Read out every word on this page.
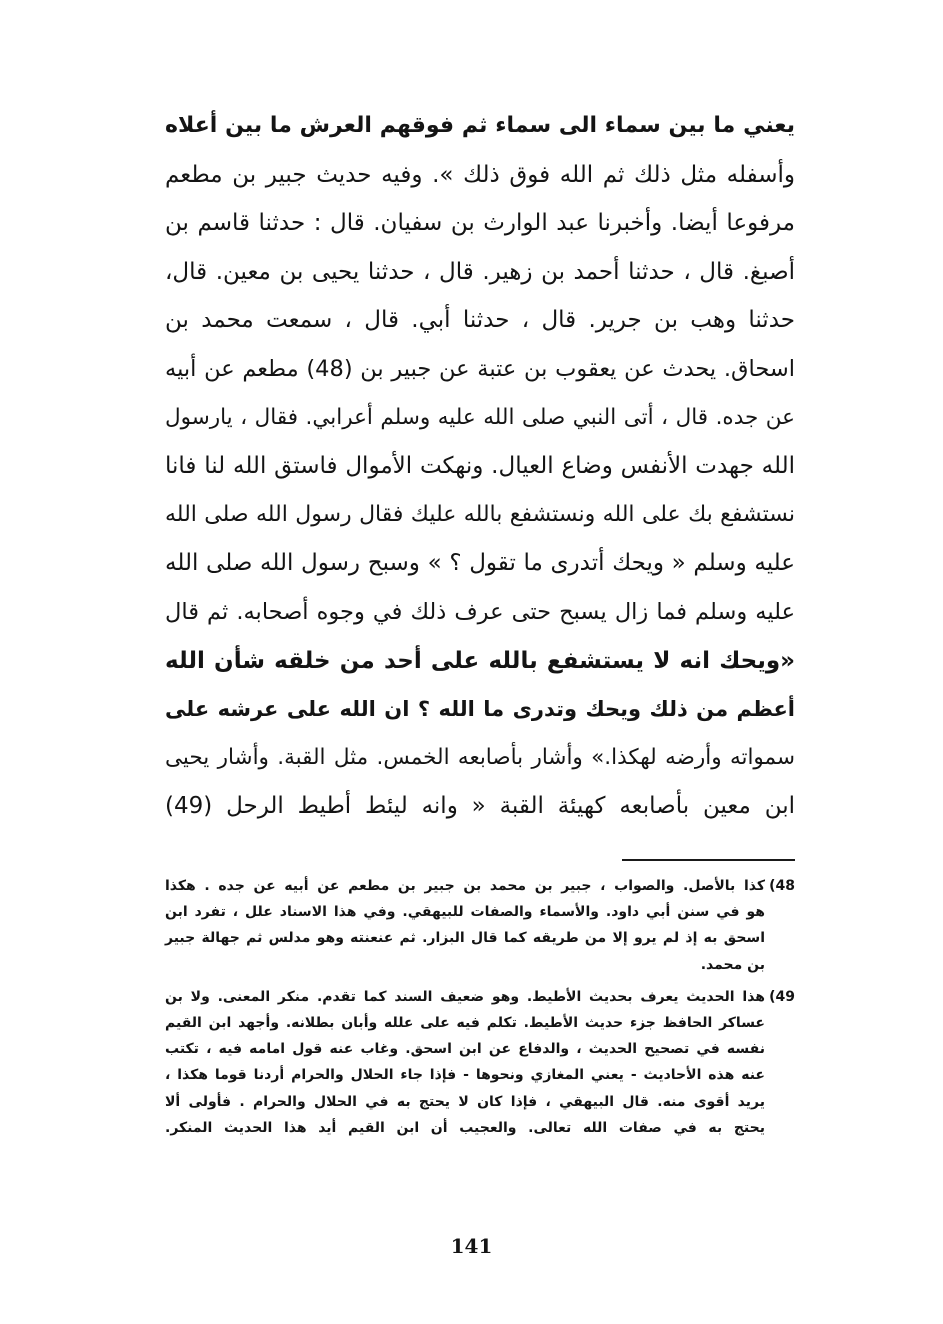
يعني ما بين سماء الى سماء ثم فوقهم العرش ما بين أعلاه
وأسفله مثل ذلك ثم الله فوق ذلك ». وفيه حديث جبير بن مطعم
مرفوعا أيضا. وأخبرنا عبد الوارث بن سفيان. قال : حدثنا قاسم بن
أصبغ. قال ، حدثنا أحمد بن زهير. قال ، حدثنا يحيى بن معين. قال،
حدثنا وهب بن جرير. قال ، حدثنا أبي. قال ، سمعت محمد بن
اسحاق. يحدث عن يعقوب بن عتبة عن جبير بن (48) مطعم عن أبيه
عن جده. قال ، أتى النبي صلى الله عليه وسلم أعرابي. فقال ، يارسول
الله جهدت الأنفس وضاع العيال. ونهكت الأموال فاستق الله لنا فانا
نستشفع بك على الله ونستشفع بالله عليك فقال رسول الله صلى الله
عليه وسلم « ويحك أتدرى ما تقول ؟ » وسبح رسول الله صلى الله
عليه وسلم فما زال يسبح حتى عرف ذلك في وجوه أصحابه. ثم قال
«ويحك انه لا يستشفع بالله على أحد من خلقه شأن الله
أعظم من ذلك ويحك وتدرى ما الله ؟ ان الله على عرشه على
سمواته وأرضه لهكذا.» وأشار بأصابعه الخمس. مثل القبة. وأشار يحيى
ابن معين بأصابعه كهيئة القبة « وانه ليئط أطيط الرحل (49)
(48
كذا بالأصل. والصواب ، جبير بن محمد بن جبير بن مطعم عن أبيه عن جده . هكذا
هو في سنن أبي داود. والأسماء والصفات للبيهقي. وفي هذا الاسناد علل ، تفرد ابن
اسحق به إذ لم يرو إلا من طريقه كما قال البزار. ثم عنعنته وهو مدلس ثم جهالة جبير
بن محمد.
(49
هذا الحديث يعرف بحديث الأطيط. وهو ضعيف السند كما تقدم. منكر المعنى. ولا بن
عساكر الحافظ جزء حديث الأطيط. تكلم فيه على علله وأبان بطلانه. وأجهد ابن القيم
نفسه في تصحيح الحديث ، والدفاع عن ابن اسحق. وغاب عنه قول امامه فيه ، تكتب
عنه هذه الأحاديث - يعني المغازي ونحوها - فإذا جاء الحلال والحرام أردنا قوما هكذا ،
يريد أقوى منه. قال البيهقي ، فإذا كان لا يحتج به في الحلال والحرام . فأولى ألا
يحتج به في صفات الله تعالى. والعجيب أن ابن القيم أيد هذا الحديث المنكر.
141
